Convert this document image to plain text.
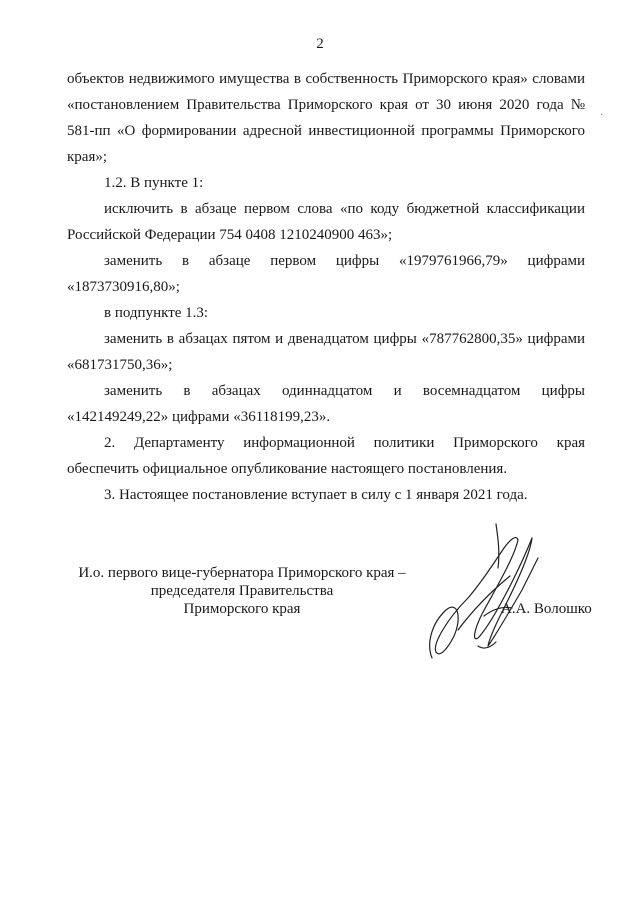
2
·

объектов недвижимого имущества в собственность Приморского края» словами «постановлением Правительства Приморского края от 30 июня 2020 года № 581-пп «О формировании адресной инвестиционной программы Приморского края»;

1.2. В пункте 1:

исключить в абзаце первом слова «по коду бюджетной классификации Российской Федерации 754 0408 1210240900 463»;

заменить в абзаце первом цифры «1979761966,79» цифрами «1873730916,80»;

в подпункте 1.3:

заменить в абзацах пятом и двенадцатом цифры «787762800,35» цифрами «681731750,36»;

заменить в абзацах одиннадцатом и восемнадцатом цифры «142149249,22» цифрами «36118199,23».

2. Департаменту информационной политики Приморского края обеспечить официальное опубликование настоящего постановления.

3. Настоящее постановление вступает в силу с 1 января 2021 года.

И.о. первого вице-губернатора Приморского края –
председателя Правительства
Приморского края	А.А. Волошко
